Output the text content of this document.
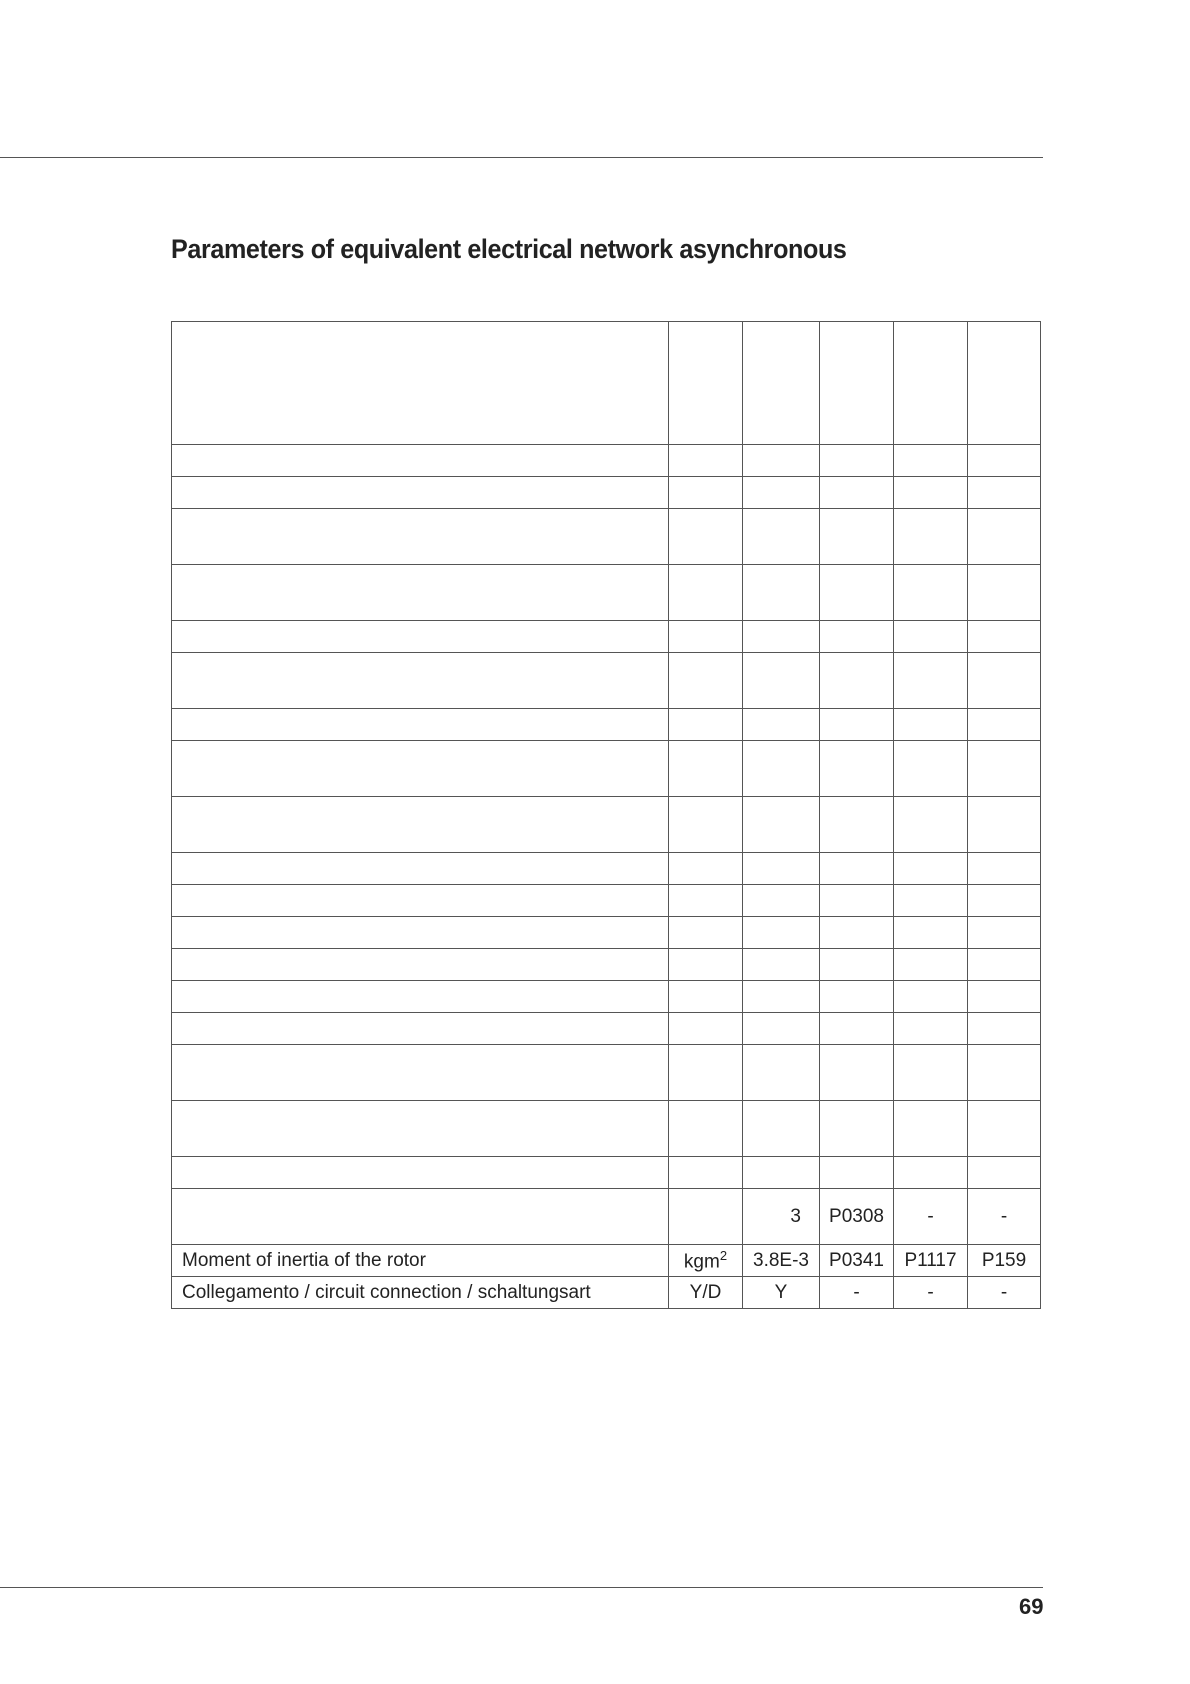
Parameters of equivalent electrical network asynchronous

		3	P0308	-	-
Moment of inertia of the rotor	kgm$^2$	3.8E-3	P0341	P1117	P159
Collegamento / circuit connection / schaltungsart	Y/D	Y	-	-	-
69
